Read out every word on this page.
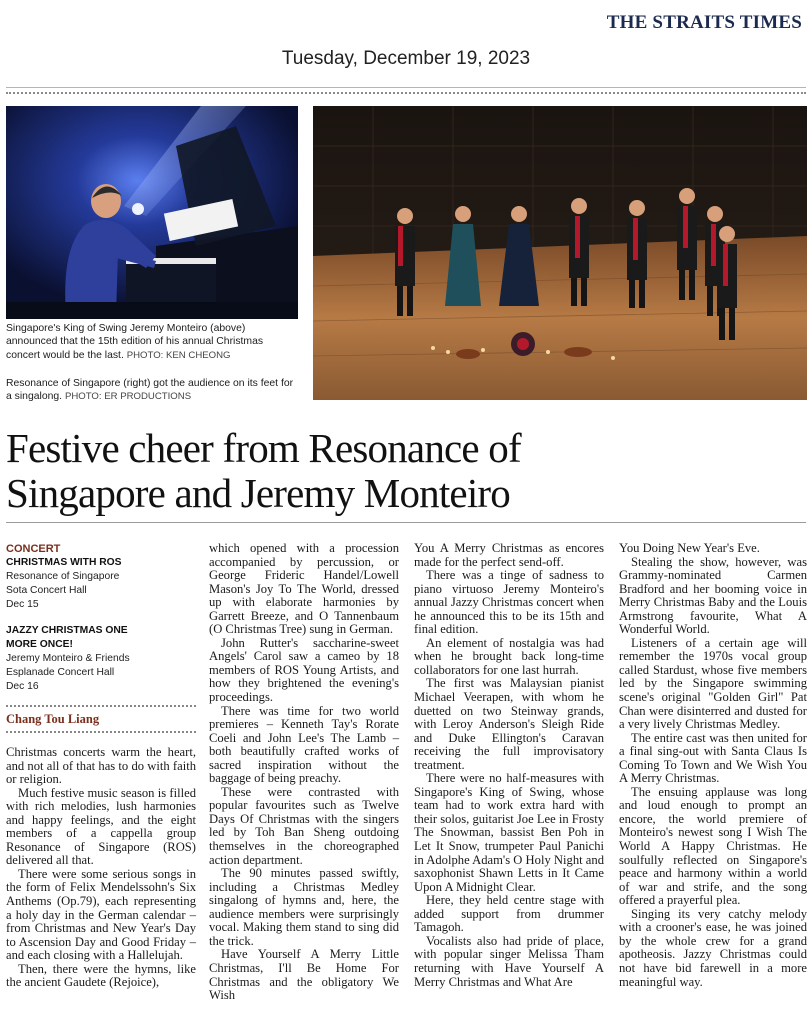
THE STRAITS TIMES
Tuesday, December 19, 2023
Singapore's King of Swing Jeremy Monteiro (above) announced that the 15th edition of his annual Christmas concert would be the last. PHOTO: KEN CHEONG
Resonance of Singapore (right) got the audience on its feet for a singalong. PHOTO: ER PRODUCTIONS
Festive cheer from Resonance of Singapore and Jeremy Monteiro
CONCERT
CHRISTMAS WITH ROS
Resonance of Singapore
Sota Concert Hall
Dec 15
JAZZY CHRISTMAS ONE
MORE ONCE!
Jeremy Monteiro & Friends
Esplanade Concert Hall
Dec 16
Chang Tou Liang

Christmas concerts warm the heart, and not all of that has to do with faith or religion.

Much festive music season is filled with rich melodies, lush harmonies and happy feelings, and the eight members of a cappella group Resonance of Singapore (ROS) delivered all that.

There were some serious songs in the form of Felix Mendelssohn's Six Anthems (Op.79), each representing a holy day in the German calendar – from Christmas and New Year's Day to Ascension Day and Good Friday – and each closing with a Hallelujah.

Then, there were the hymns, like the ancient Gaudete (Rejoice),

which opened with a procession accompanied by percussion, or George Frideric Handel/Lowell Mason's Joy To The World, dressed up with elaborate harmonies by Garrett Breeze, and O Tannenbaum (O Christmas Tree) sung in German.

John Rutter's saccharine-sweet Angels' Carol saw a cameo by 18 members of ROS Young Artists, and how they brightened the evening's proceedings.

There was time for two world premieres – Kenneth Tay's Rorate Coeli and John Lee's The Lamb – both beautifully crafted works of sacred inspiration without the baggage of being preachy.

These were contrasted with popular favourites such as Twelve Days Of Christmas with the singers led by Toh Ban Sheng outdoing themselves in the choreographed action department.

The 90 minutes passed swiftly, including a Christmas Medley singalong of hymns and, here, the audience members were surprisingly vocal. Making them stand to sing did the trick.

Have Yourself A Merry Little Christmas, I'll Be Home For Christmas and the obligatory We Wish

You A Merry Christmas as encores made for the perfect send-off.

There was a tinge of sadness to piano virtuoso Jeremy Monteiro's annual Jazzy Christmas concert when he announced this to be its 15th and final edition.

An element of nostalgia was had when he brought back long-time collaborators for one last hurrah.

The first was Malaysian pianist Michael Veerapen, with whom he duetted on two Steinway grands, with Leroy Anderson's Sleigh Ride and Duke Ellington's Caravan receiving the full improvisatory treatment.

There were no half-measures with Singapore's King of Swing, whose team had to work extra hard with their solos, guitarist Joe Lee in Frosty The Snowman, bassist Ben Poh in Let It Snow, trumpeter Paul Panichi in Adolphe Adam's O Holy Night and saxophonist Shawn Letts in It Came Upon A Midnight Clear.

Here, they held centre stage with added support from drummer Tamagoh.

Vocalists also had pride of place, with popular singer Melissa Tham returning with Have Yourself A Merry Christmas and What Are

You Doing New Year's Eve.

Stealing the show, however, was Grammy-nominated Carmen Bradford and her booming voice in Merry Christmas Baby and the Louis Armstrong favourite, What A Wonderful World.

Listeners of a certain age will remember the 1970s vocal group called Stardust, whose five members led by the Singapore swimming scene's original "Golden Girl" Pat Chan were disinterred and dusted for a very lively Christmas Medley.

The entire cast was then united for a final sing-out with Santa Claus Is Coming To Town and We Wish You A Merry Christmas.

The ensuing applause was long and loud enough to prompt an encore, the world premiere of Monteiro's newest song I Wish The World A Happy Christmas. He soulfully reflected on Singapore's peace and harmony within a world of war and strife, and the song offered a prayerful plea.

Singing its very catchy melody with a crooner's ease, he was joined by the whole crew for a grand apotheosis. Jazzy Christmas could not have bid farewell in a more meaningful way.
